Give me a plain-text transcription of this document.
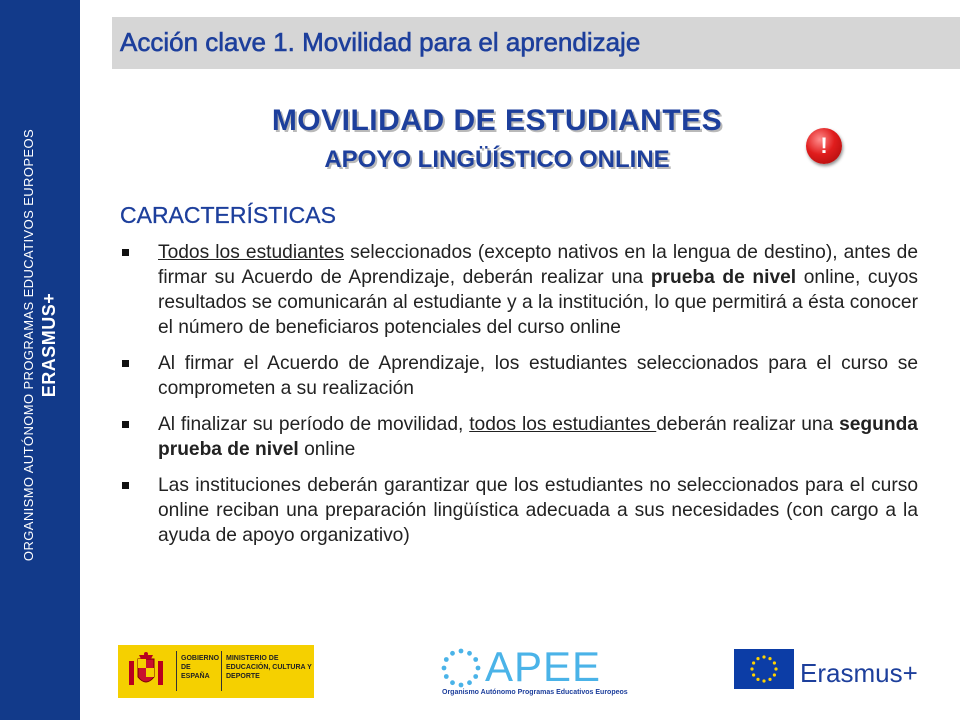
ORGANISMO AUTÓNOMO PROGRAMAS EDUCATIVOS EUROPEOS ERASMUS+
Acción clave 1. Movilidad para el aprendizaje
MOVILIDAD DE ESTUDIANTES
APOYO LINGÜÍSTICO ONLINE
!
CARACTERÍSTICAS
Todos los estudiantes seleccionados (excepto nativos en la lengua de destino), antes de firmar su Acuerdo de Aprendizaje, deberán realizar una prueba de nivel online, cuyos resultados se comunicarán al estudiante y a la institución, lo que permitirá a ésta conocer el número de beneficiaros potenciales del curso online
Al firmar el Acuerdo de Aprendizaje, los estudiantes seleccionados para el curso se comprometen a su realización
Al finalizar su período de movilidad, todos los estudiantes deberán realizar una segunda prueba de nivel online
Las instituciones deberán garantizar que los estudiantes no seleccionados para el curso online reciban una preparación lingüística adecuada a sus necesidades (con cargo a la ayuda de apoyo organizativo)
GOBIERNO DE ESPAÑA
MINISTERIO DE EDUCACIÓN, CULTURA Y DEPORTE	APEE
Organismo Autónomo Programas Educativos Europeos
Erasmus+
